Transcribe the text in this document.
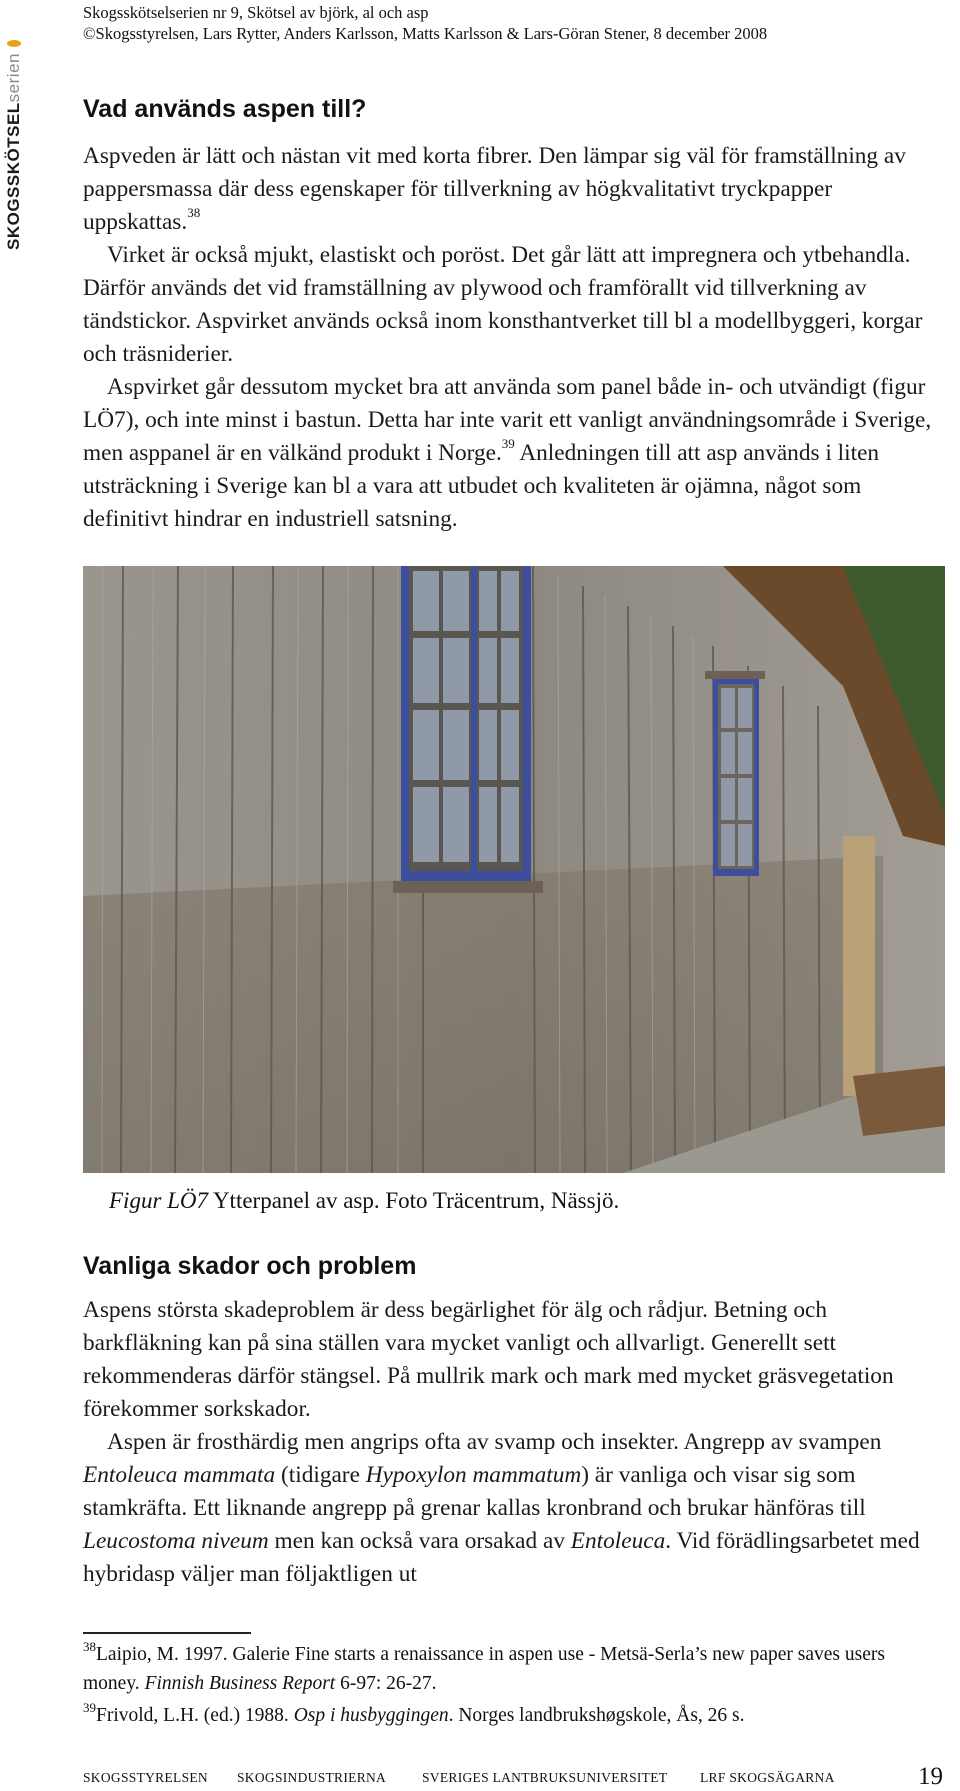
Skogsskötselserien nr 9, Skötsel av björk, al och asp
©Skogsstyrelsen, Lars Rytter, Anders Karlsson, Matts Karlsson & Lars-Göran Stener, 8 december 2008
SKOGSSKÖTSELserien
Vad används aspen till?

Aspveden är lätt och nästan vit med korta fibrer. Den lämpar sig väl för framställning av pappersmassa där dess egenskaper för tillverkning av högkvalitativt tryckpapper uppskattas.$^{38}$

Virket är också mjukt, elastiskt och poröst. Det går lätt att impregnera och ytbehandla. Därför används det vid framställning av plywood och framförallt vid tillverkning av tändstickor. Aspvirket används också inom konsthantverket till bl a modellbyggeri, korgar och träsniderier.

Aspvirket går dessutom mycket bra att använda som panel både in- och utvändigt (figur LÖ7), och inte minst i bastun. Detta har inte varit ett vanligt användningsområde i Sverige, men asppanel är en välkänd produkt i Norge.$^{39}$ Anledningen till att asp används i liten utsträckning i Sverige kan bl a vara att utbudet och kvaliteten är ojämna, något som definitivt hindrar en industriell satsning.

Figur LÖ7 Ytterpanel av asp. Foto Träcentrum, Nässjö.
Vanliga skador och problem

Aspens största skadeproblem är dess begärlighet för älg och rådjur. Betning och barkfläkning kan på sina ställen vara mycket vanligt och allvarligt. Generellt sett rekommenderas därför stängsel. På mullrik mark och mark med mycket gräsvegetation förekommer sorkskador.

Aspen är frosthärdig men angrips ofta av svamp och insekter. Angrepp av svampen Entoleuca mammata (tidigare Hypoxylon mammatum) är vanliga och visar sig som stamkräfta. Ett liknande angrepp på grenar kallas kronbrand och brukar hänföras till Leucostoma niveum men kan också vara orsakad av Entoleuca. Vid förädlingsarbetet med hybridasp väljer man följaktligen ut

$^{38}$Laipio, M. 1997. Galerie Fine starts a renaissance in aspen use - Metsä-Serla’s new paper saves users money. Finnish Business Report 6-97: 26-27.

$^{39}$Frivold, L.H. (ed.) 1988. Osp i husbyggingen. Norges landbrukshøgskole, Ås, 26 s.

SKOGSSTYRELSEN SKOGSINDUSTRIERNA	SVERIGES LANTBRUKSUNIVERSITET LRF SKOGSÄGARNA	19
